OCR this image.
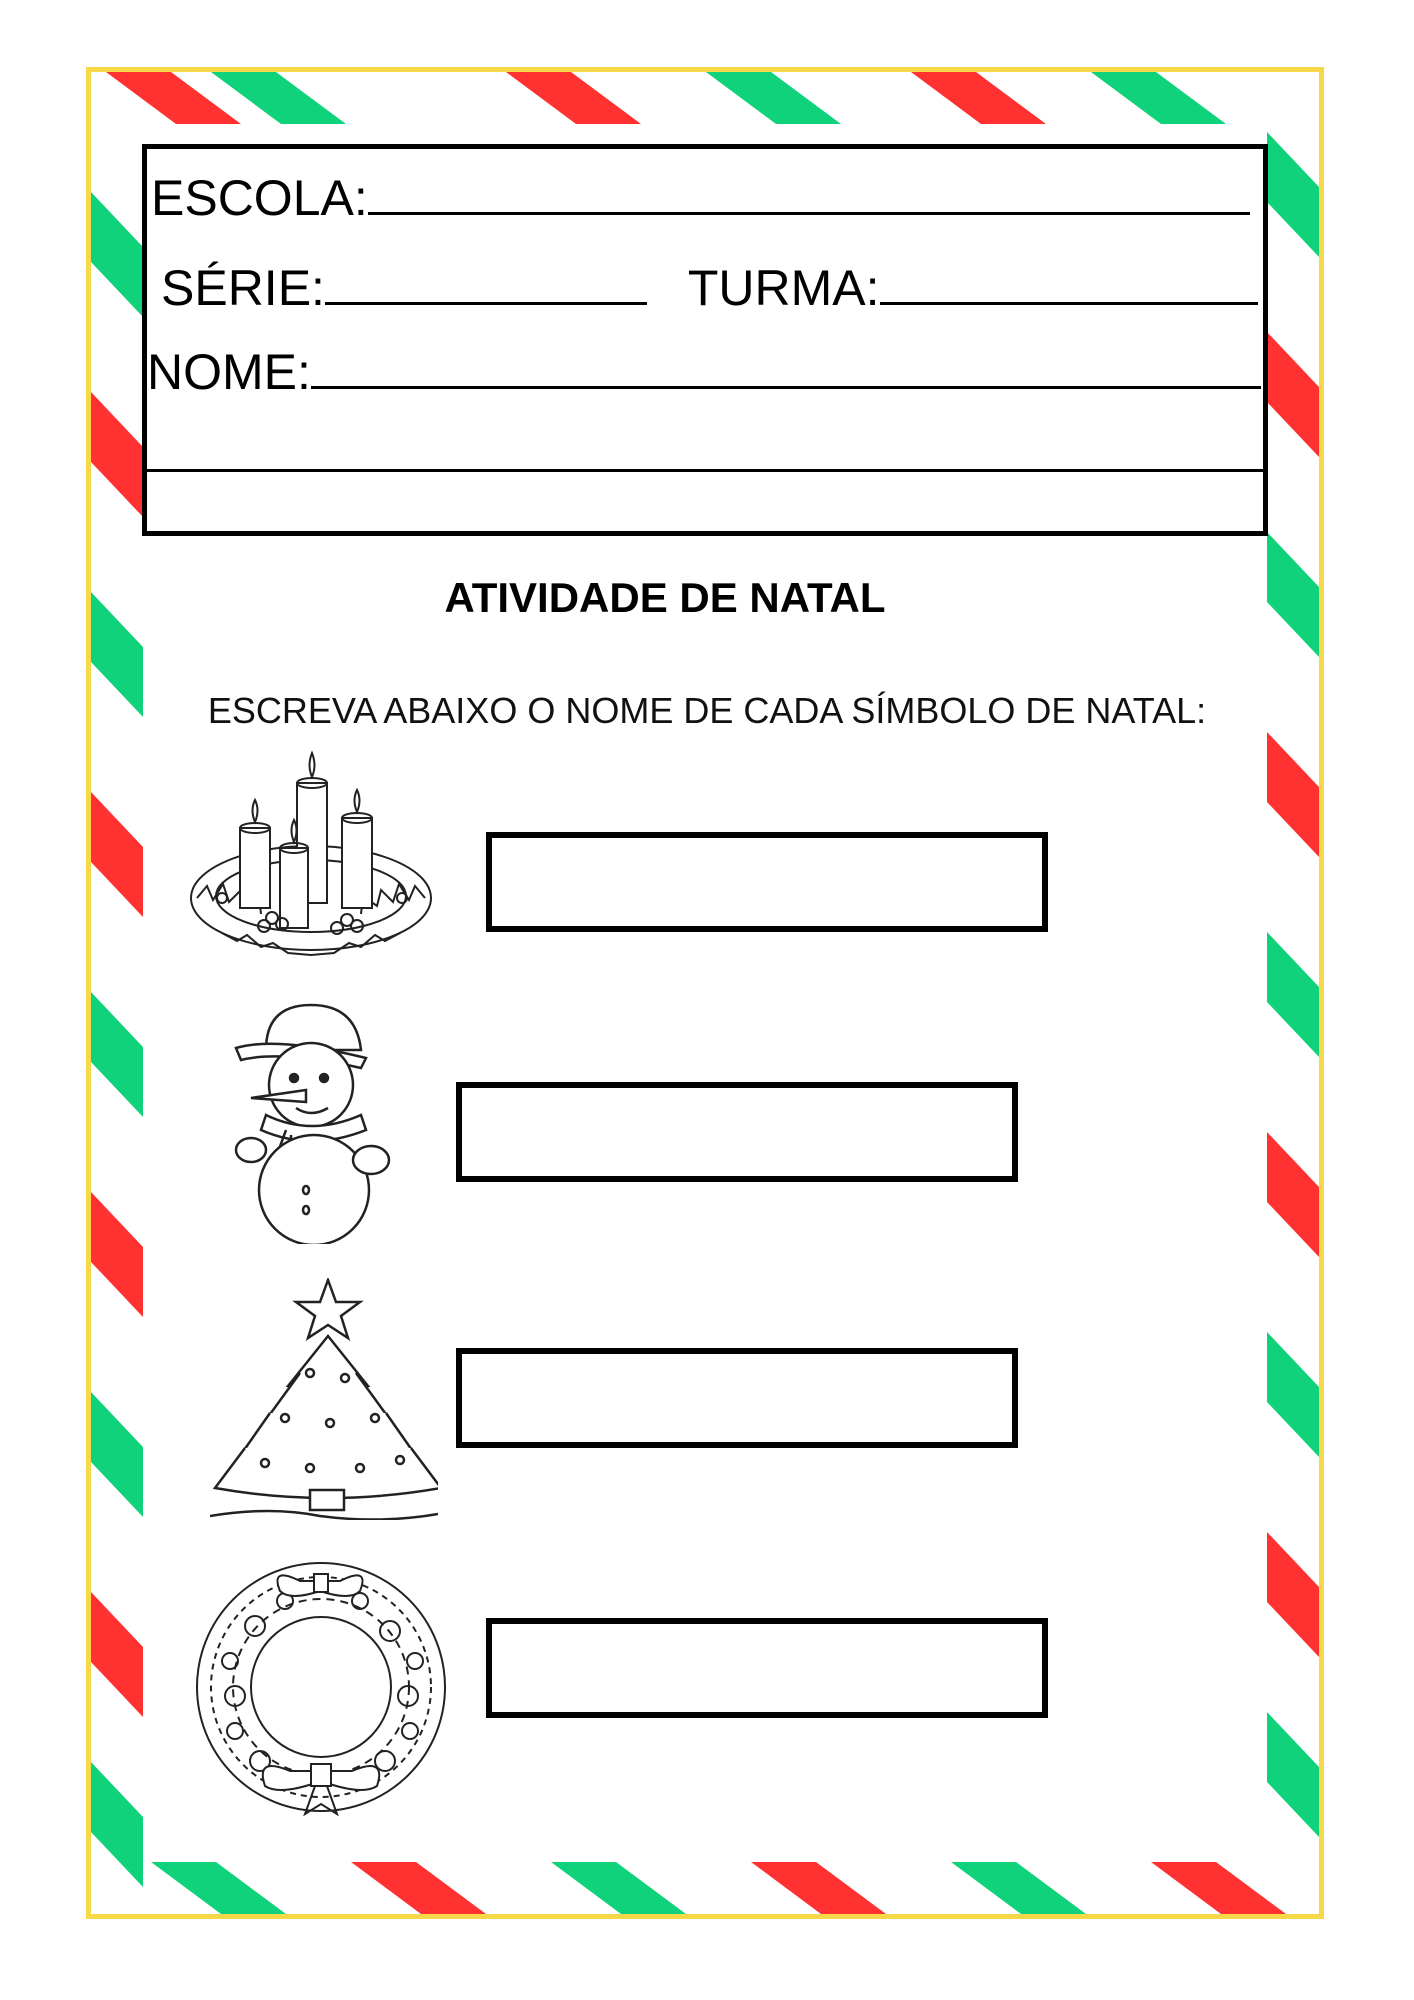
ESCOLA:
SÉRIE:	TURMA:
NOME:
ATIVIDADE DE NATAL
ESCREVA ABAIXO O NOME DE CADA SÍMBOLO DE NATAL:
